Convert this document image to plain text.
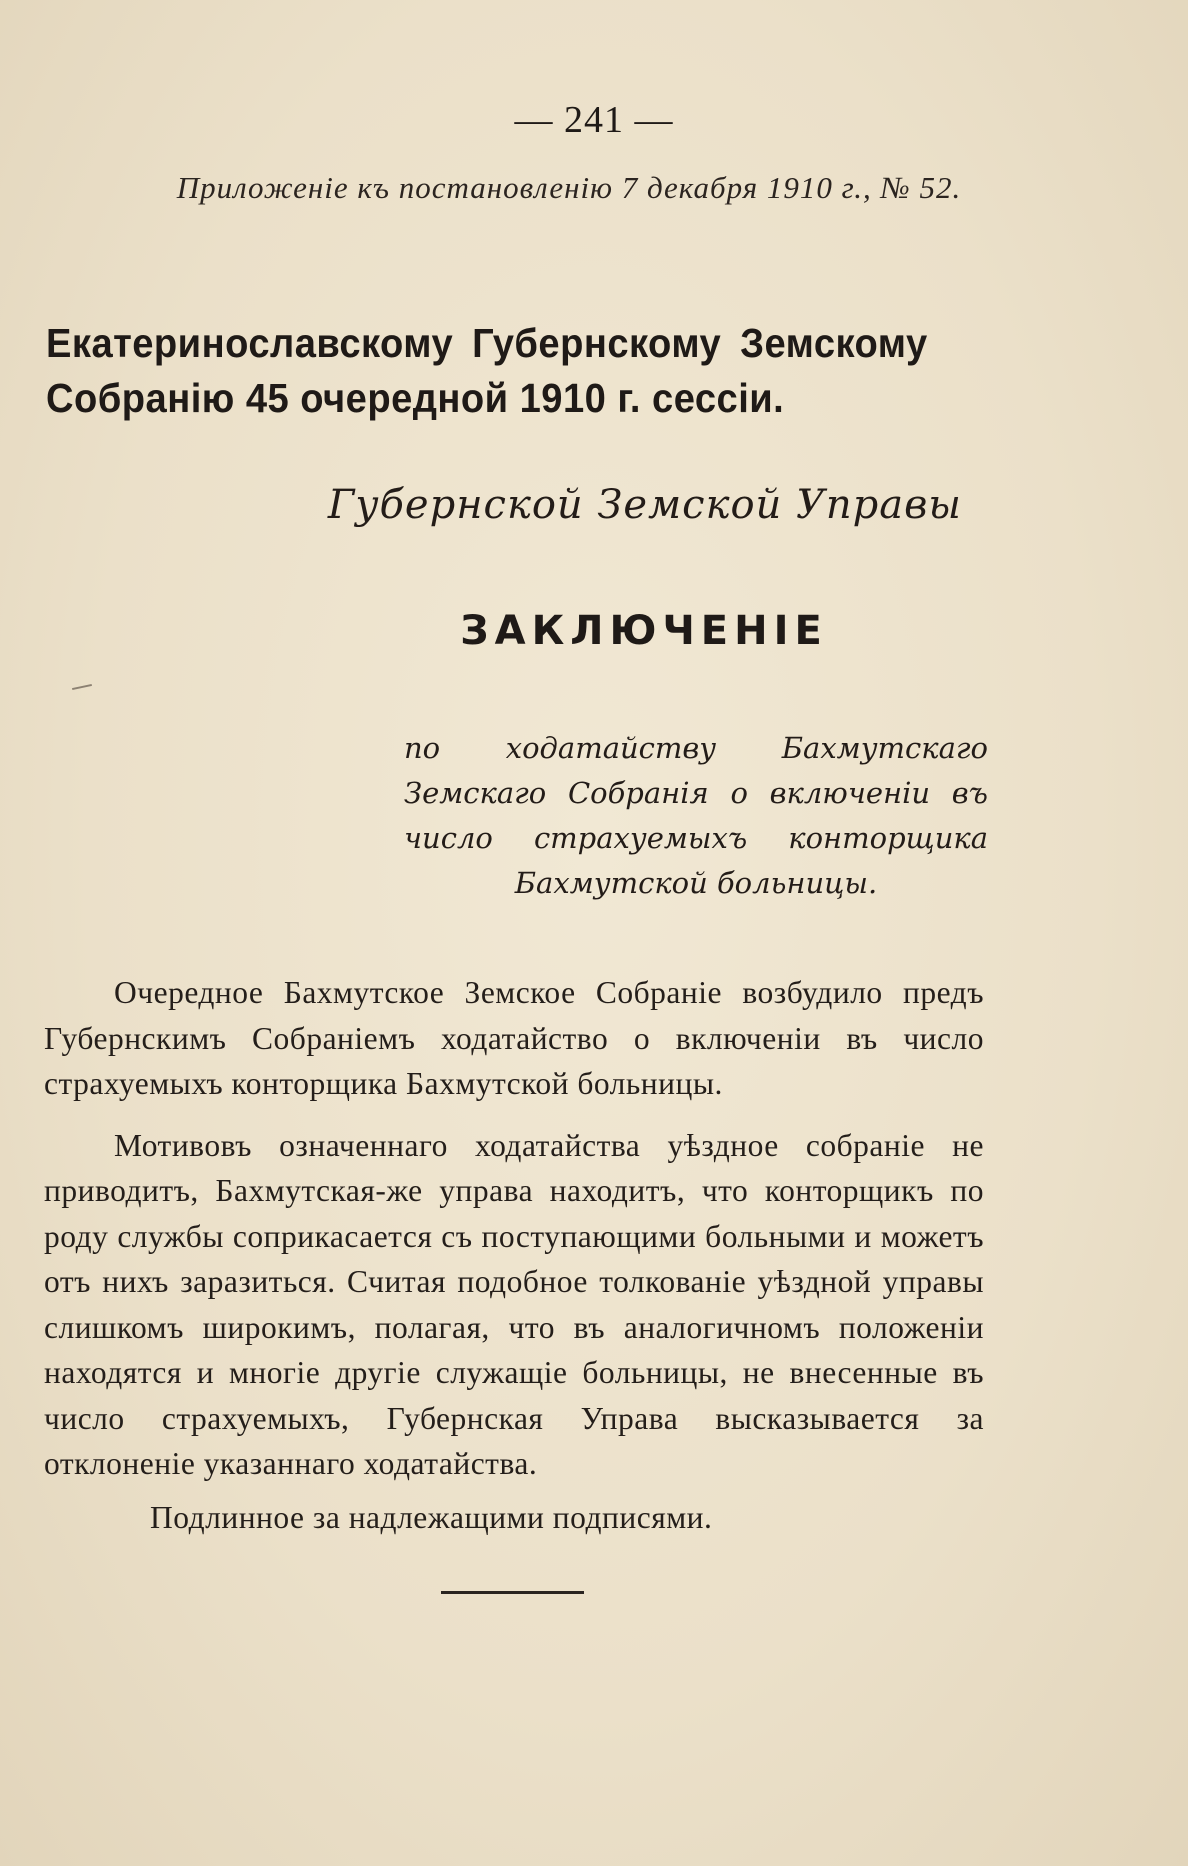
— 241 —
Приложенiе къ постановленiю 7 декабря 1910 г., № 52.
Екатеринославскому Губернскому Земскому Собранiю 45 очередной 1910 г. сессiи.
Губернской Земской Управы
ЗАКЛЮЧЕНIЕ
по ходатайству Бахмутскаго Земскаго Собранiя о включенiи въ число страхуемыхъ конторщика Бахмутской больницы.

Очередное Бахмутское Земское Собранiе возбудило предъ Губернскимъ Собранiемъ ходатайство о включенiи въ число страхуемыхъ конторщика Бахмутской больницы.

Мотивовъ означеннаго ходатайства уѣздное собранiе не приводитъ, Бахмутская-же управа находитъ, что конторщикъ по роду службы соприкасается съ поступающими больными и можетъ отъ нихъ заразиться. Считая подобное толкованiе уѣздной управы слишкомъ широкимъ, полагая, что въ аналогичномъ положенiи находятся и многiе другiе служащiе больницы, не внесенные въ число страхуемыхъ, Губернская Управа высказывается за отклоненiе указаннаго ходатайства.

Подлинное за надлежащими подписями.
